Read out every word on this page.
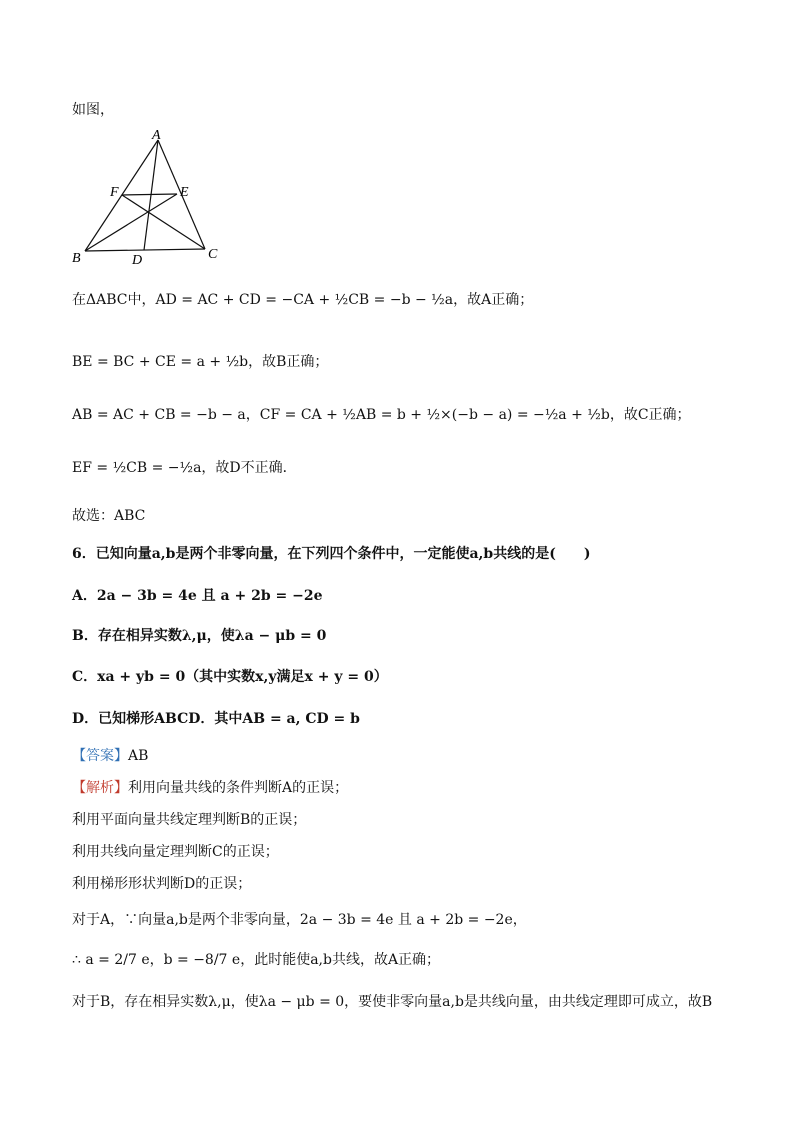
如图，
A
F	E
B	D	C
在ΔABC中，AD = AC + CD = −CA + ½CB = −b − ½a，故A正确；
BE = BC + CE = a + ½b，故B正确；
AB = AC + CB = −b − a，CF = CA + ½AB = b + ½×(−b − a) = −½a + ½b，故C正确；
EF = ½CB = −½a，故D不正确．
故选：ABC
6．已知向量a,b是两个非零向量，在下列四个条件中，一定能使a,b共线的是(　　)
A．2a − 3b = 4e 且 a + 2b = −2e
B．存在相异实数λ,μ，使λa − μb = 0
C．xa + yb = 0（其中实数x,y满足x + y = 0）
D．已知梯形ABCD．其中AB = a, CD = b
【答案】AB
【解析】利用向量共线的条件判断A的正误；
利用平面向量共线定理判断B的正误；
利用共线向量定理判断C的正误；
利用梯形形状判断D的正误；
对于A，∵向量a,b是两个非零向量，2a − 3b = 4e 且 a + 2b = −2e，
∴ a = 2/7 e，b = −8/7 e，此时能使a,b共线，故A正确；
对于B，存在相异实数λ,μ，使λa − μb = 0，要使非零向量a,b是共线向量，由共线定理即可成立，故B
